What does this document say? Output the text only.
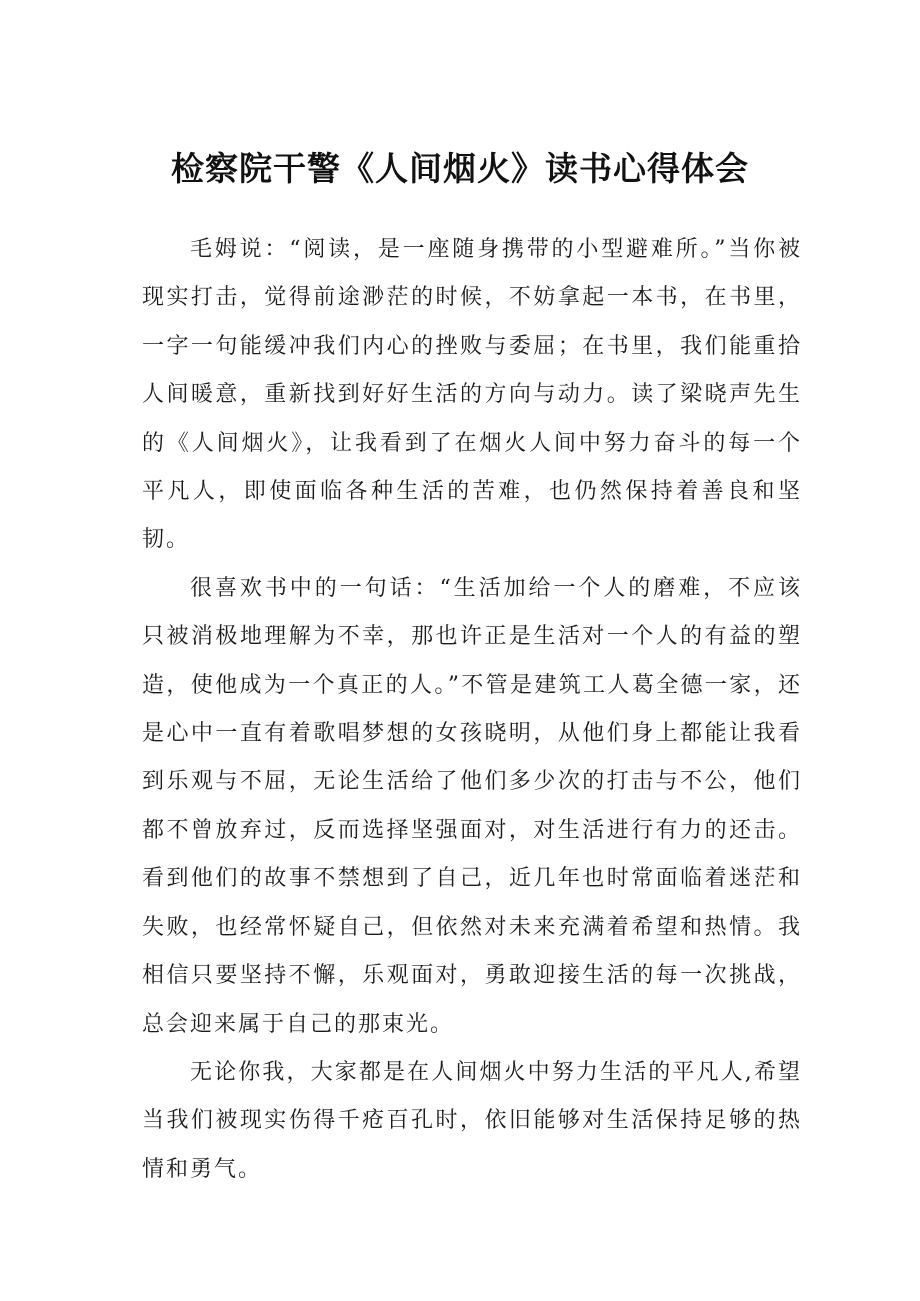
检察院干警《人间烟火》读书心得体会

毛姆说：“阅读，是一座随身携带的小型避难所。”当你被现实打击，觉得前途渺茫的时候，不妨拿起一本书，在书里，一字一句能缓冲我们内心的挫败与委屈；在书里，我们能重拾人间暖意，重新找到好好生活的方向与动力。读了梁晓声先生的《人间烟火》，让我看到了在烟火人间中努力奋斗的每一个平凡人，即使面临各种生活的苦难，也仍然保持着善良和坚韧。

很喜欢书中的一句话：“生活加给一个人的磨难，不应该只被消极地理解为不幸，那也许正是生活对一个人的有益的塑造，使他成为一个真正的人。”不管是建筑工人葛全德一家，还是心中一直有着歌唱梦想的女孩晓明，从他们身上都能让我看到乐观与不屈，无论生活给了他们多少次的打击与不公，他们都不曾放弃过，反而选择坚强面对，对生活进行有力的还击。看到他们的故事不禁想到了自己，近几年也时常面临着迷茫和失败，也经常怀疑自己，但依然对未来充满着希望和热情。我相信只要坚持不懈，乐观面对，勇敢迎接生活的每一次挑战，总会迎来属于自己的那束光。

无论你我，大家都是在人间烟火中努力生活的平凡人,希望当我们被现实伤得千疮百孔时，依旧能够对生活保持足够的热情和勇气。
